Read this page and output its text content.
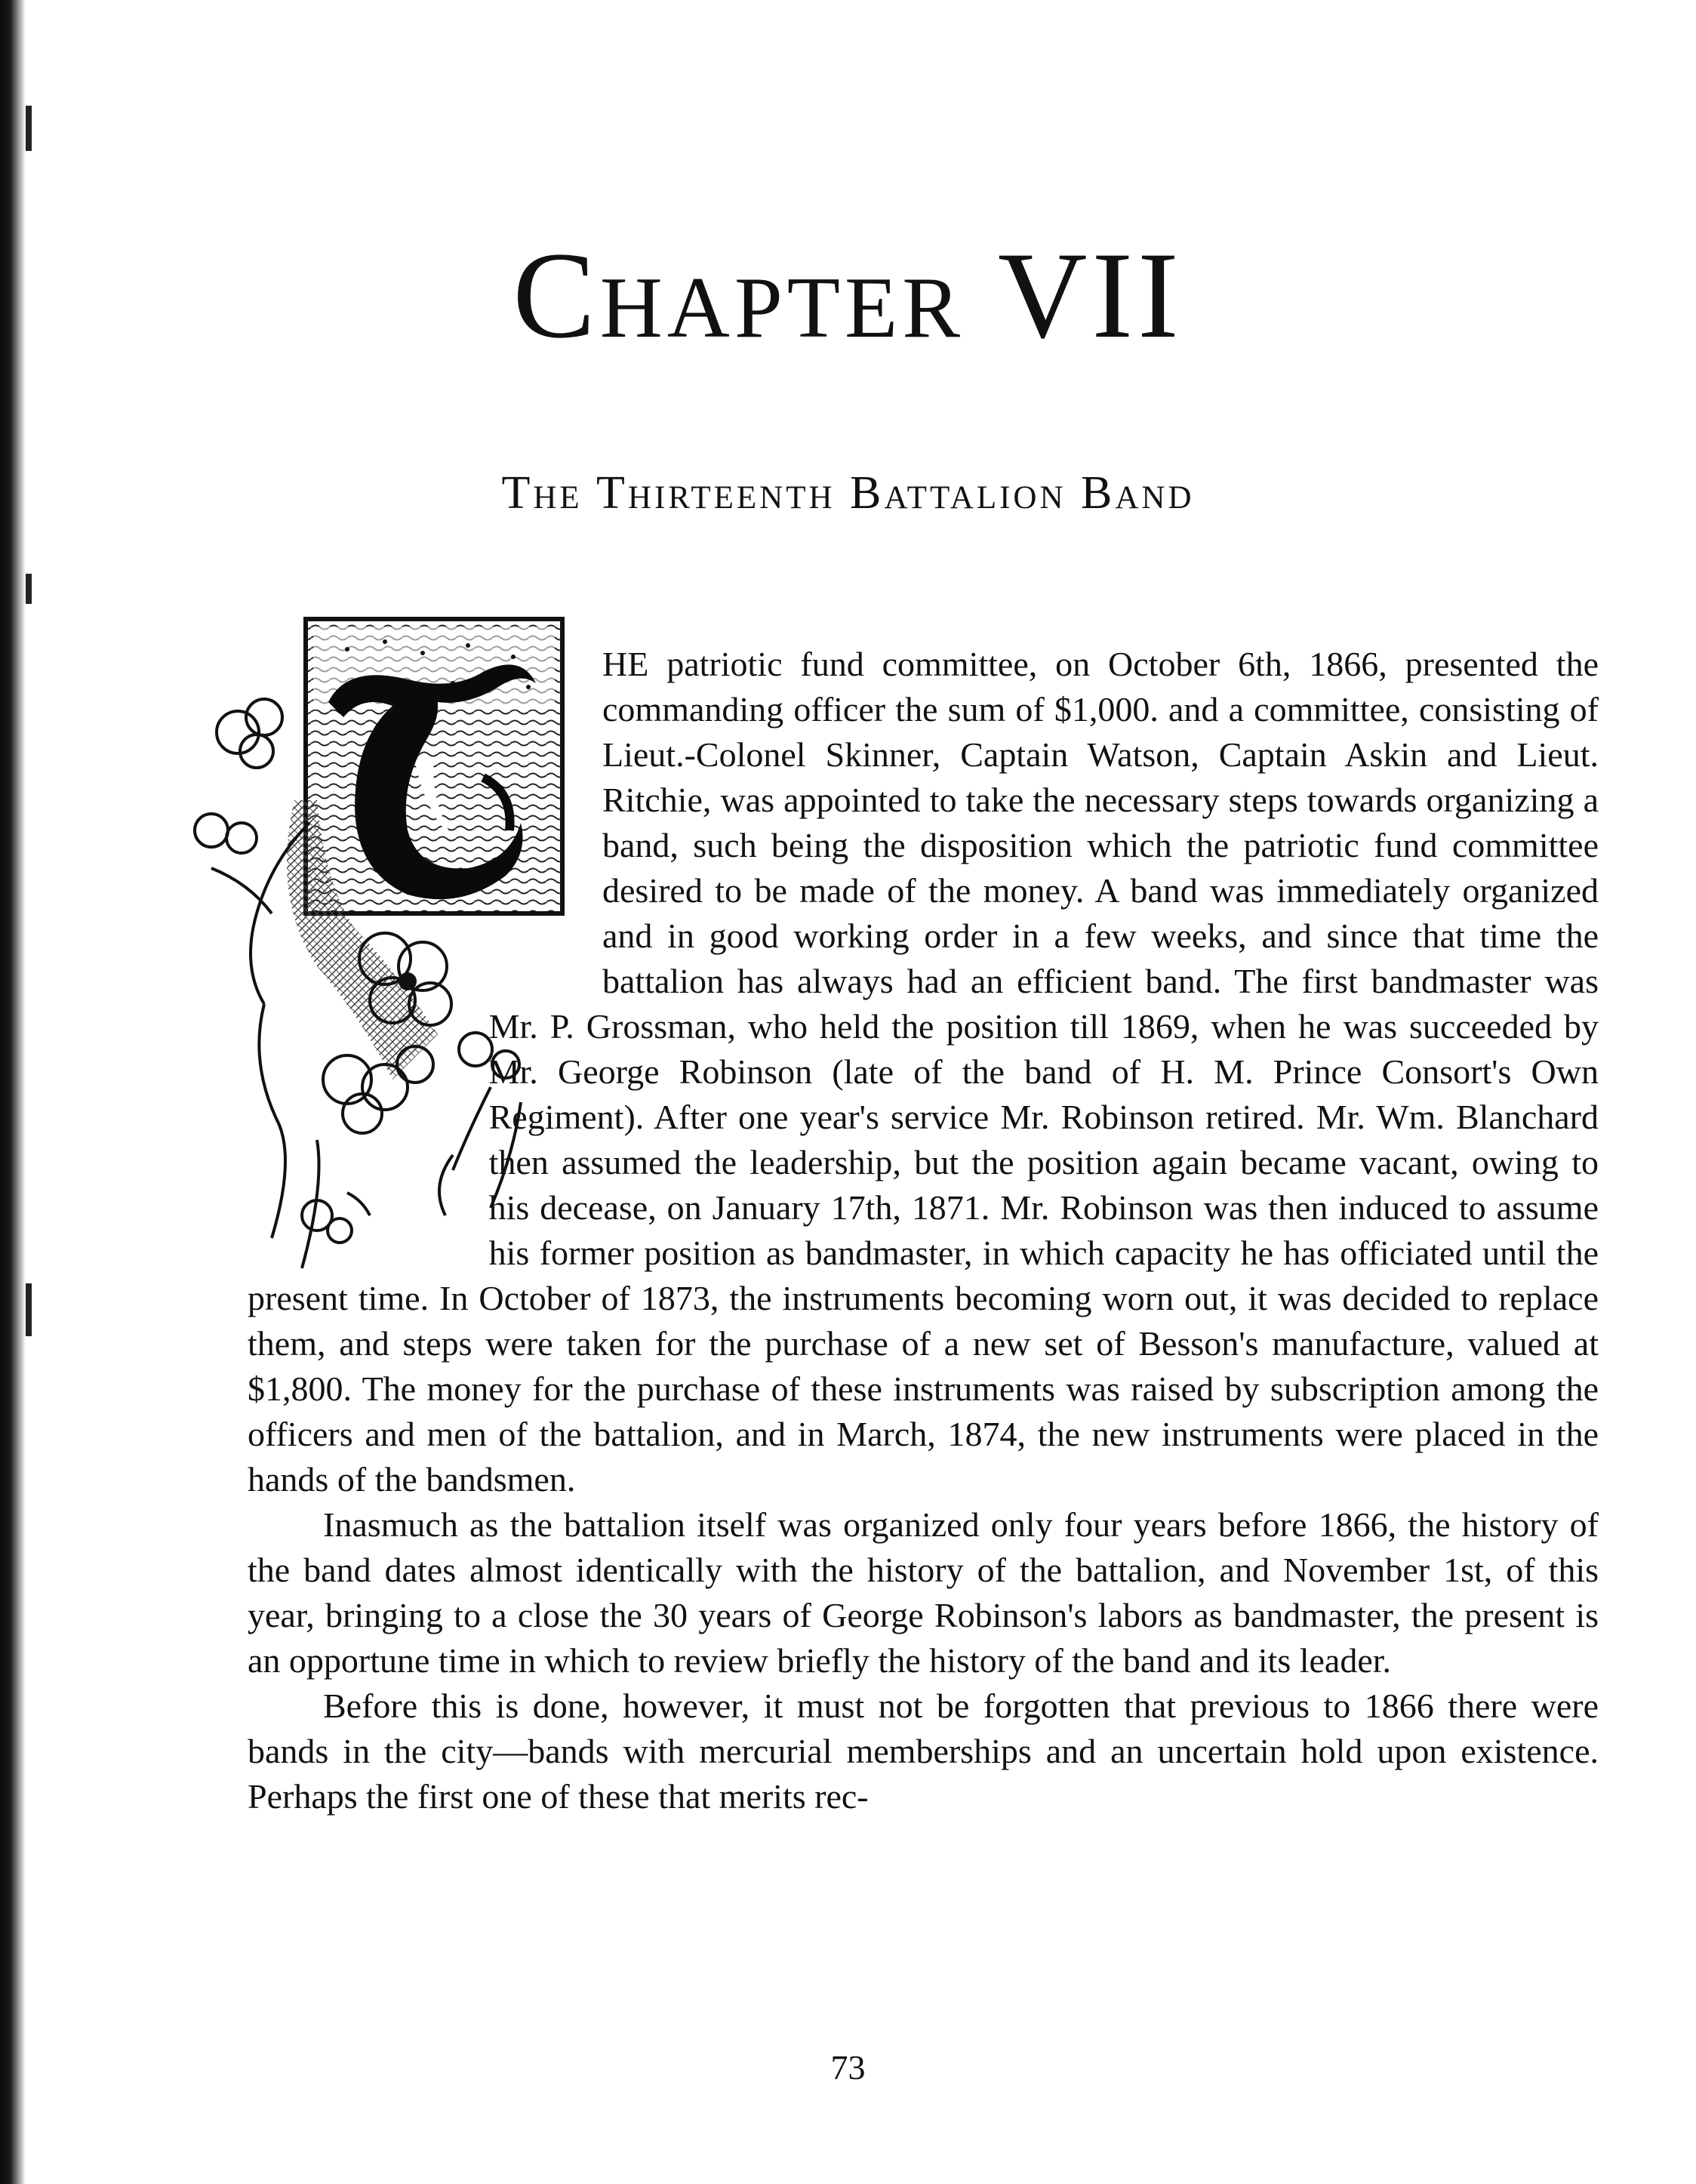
Chapter VII
The Thirteenth Battalion Band

HE patriotic fund committee, on October 6th, 1866, presented the commanding officer the sum of $1,000. and a committee, consisting of Lieut.-Colonel Skinner, Captain Watson, Captain Askin and Lieut. Ritchie, was appointed to take the necessary steps towards organizing a band, such being the disposition which the patriotic fund committee desired to be made of the money. A band was immediately organized and in good working order in a few weeks, and since that time the battalion has always had an efficient band. The first bandmaster was Mr. P. Grossman, who held the position till 1869, when he was succeeded by Mr. George Robinson (late of the band of H. M. Prince Consort's Own Regiment). After one year's service Mr. Robinson retired. Mr. Wm. Blanchard then assumed the leadership, but the position again became vacant, owing to his decease, on January 17th, 1871. Mr. Robinson was then induced to assume his former position as bandmaster, in which capacity he has officiated until the present time. In October of 1873, the instruments becoming worn out, it was decided to replace them, and steps were taken for the purchase of a new set of Besson's manufacture, valued at $1,800. The money for the purchase of these instruments was raised by subscription among the officers and men of the battalion, and in March, 1874, the new instruments were placed in the hands of the bandsmen.

Inasmuch as the battalion itself was organized only four years before 1866, the history of the band dates almost identically with the history of the battalion, and November 1st, of this year, bringing to a close the 30 years of George Robinson's labors as bandmaster, the present is an opportune time in which to review briefly the history of the band and its leader.

Before this is done, however, it must not be forgotten that previous to 1866 there were bands in the city—bands with mercurial memberships and an uncertain hold upon existence. Perhaps the first one of these that merits rec-

73
